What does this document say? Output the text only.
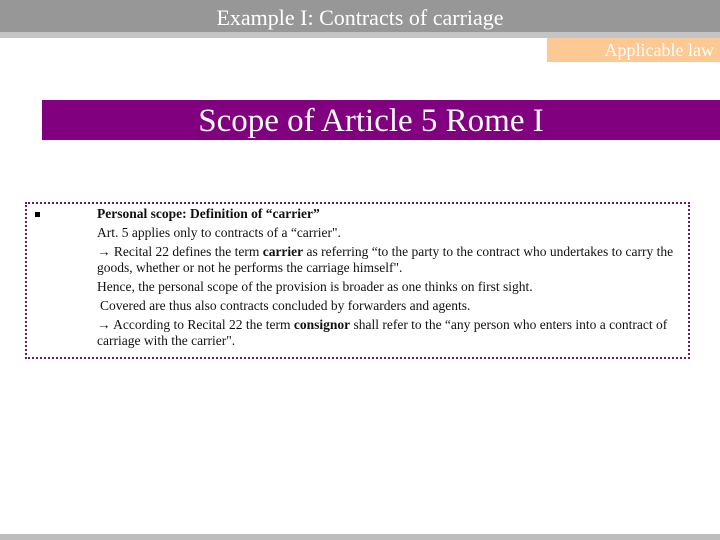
Example I: Contracts of carriage
Applicable law
Scope of Article 5 Rome I

Personal scope: Definition of “carrier”

Art. 5 applies only to contracts of a “carrier".

→ Recital 22 defines the term carrier as referring “to the party to the contract who undertakes to carry the goods, whether or not he performs the carriage himself".

Hence, the personal scope of the provision is broader as one thinks on first sight.

Covered are thus also contracts concluded by forwarders and agents.

→ According to Recital 22 the term consignor shall refer to the “any person who enters into a contract of carriage with the carrier".
